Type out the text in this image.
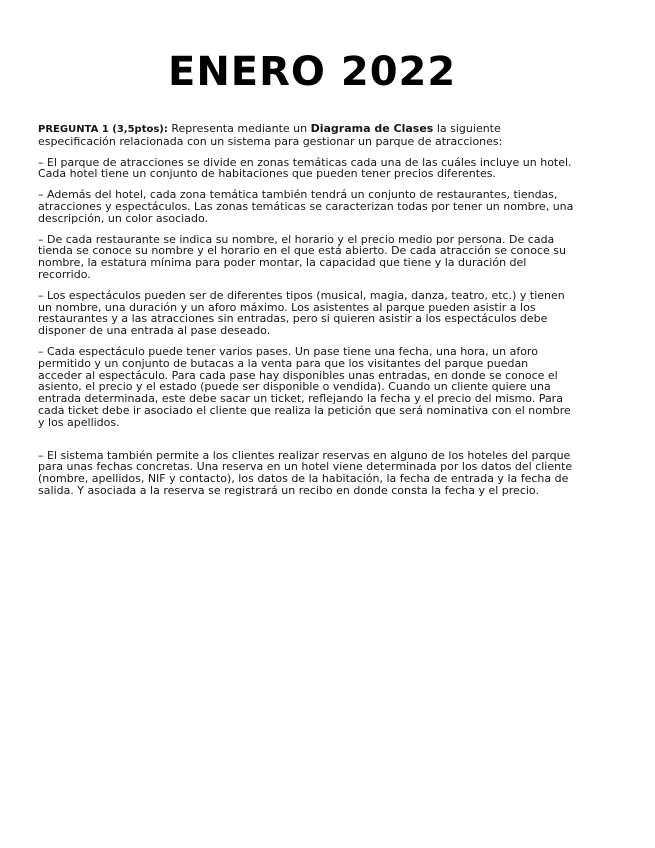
ENERO 2022

PREGUNTA 1 (3,5ptos): Representa mediante un Diagrama de Clases la siguiente especificación relacionada con un sistema para gestionar un parque de atracciones:

– El parque de atracciones se divide en zonas temáticas cada una de las cuáles incluye un hotel. Cada hotel tiene un conjunto de habitaciones que pueden tener precios diferentes.

– Además del hotel, cada zona temática también tendrá un conjunto de restaurantes, tiendas, atracciones y espectáculos. Las zonas temáticas se caracterizan todas por tener un nombre, una descripción, un color asociado.

– De cada restaurante se indica su nombre, el horario y el precio medio por persona. De cada tienda se conoce su nombre y el horario en el que está abierto. De cada atracción se conoce su nombre, la estatura mínima para poder montar, la capacidad que tiene y la duración del recorrido.

– Los espectáculos pueden ser de diferentes tipos (musical, magia, danza, teatro, etc.) y tienen un nombre, una duración y un aforo máximo. Los asistentes al parque pueden asistir a los restaurantes y a las atracciones sin entradas, pero si quieren asistir a los espectáculos debe disponer de una entrada al pase deseado.

– Cada espectáculo puede tener varios pases. Un pase tiene una fecha, una hora, un aforo permitido y un conjunto de butacas a la venta para que los visitantes del parque puedan acceder al espectáculo. Para cada pase hay disponibles unas entradas, en donde se conoce el asiento, el precio y el estado (puede ser disponible o vendida). Cuando un cliente quiere una entrada determinada, este debe sacar un ticket, reflejando la fecha y el precio del mismo. Para cada ticket debe ir asociado el cliente que realiza la petición que será nominativa con el nombre y los apellidos.

– El sistema también permite a los clientes realizar reservas en alguno de los hoteles del parque para unas fechas concretas. Una reserva en un hotel viene determinada por los datos del cliente (nombre, apellidos, NIF y contacto), los datos de la habitación, la fecha de entrada y la fecha de salida. Y asociada a la reserva se registrará un recibo en donde consta la fecha y el precio.
